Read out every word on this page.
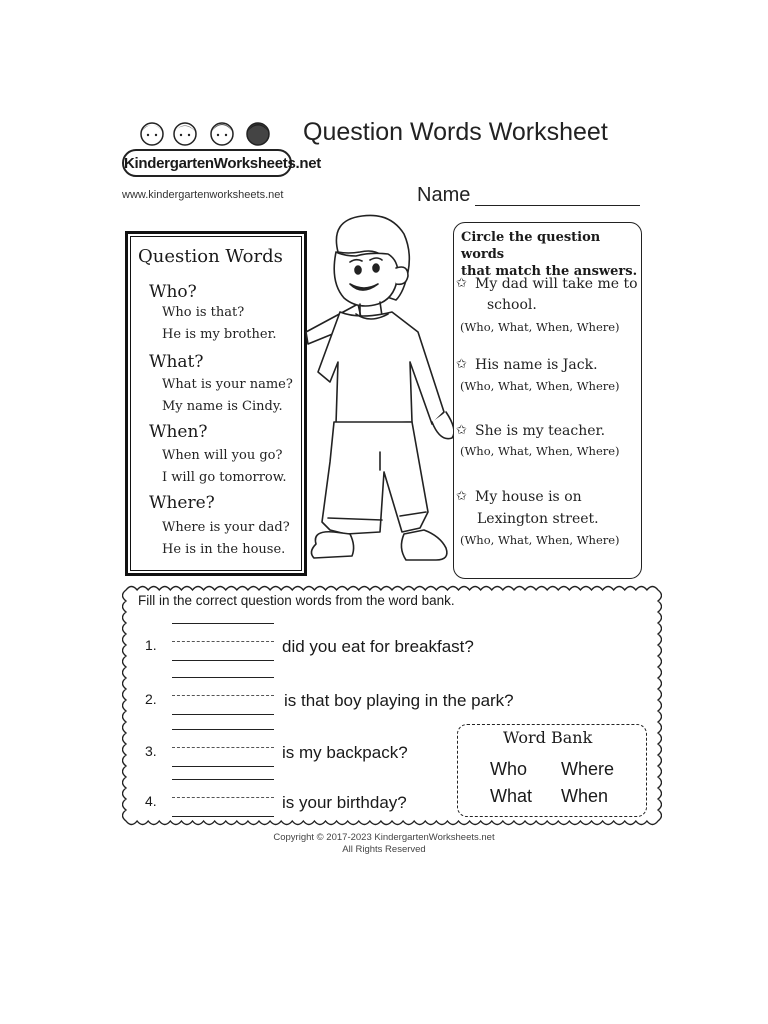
KindergartenWorksheets.net
www.kindergartenworksheets.net
Question Words Worksheet
Name
Question Words
Who?
Who is that?
He is my brother.
What?
What is your name?
My name is Cindy.
When?
When will you go?
I will go tomorrow.
Where?
Where is your dad?
He is in the house.
Circle the question words
that match the answers.
✩ My dad will take me to
school.
(Who, What, When, Where)
✩ His name is Jack.
(Who, What, When, Where)
✩ She is my teacher.
(Who, What, When, Where)
✩ My house is on
Lexington street.
(Who, What, When, Where)
Fill in the correct question words from the word bank.
1.	did you eat for breakfast?
2.	is that boy playing in the park?
3.	is my backpack?
4.	is your birthday?
Word Bank
Who Where
What When
Copyright © 2017-2023 KindergartenWorksheets.net
All Rights Reserved
